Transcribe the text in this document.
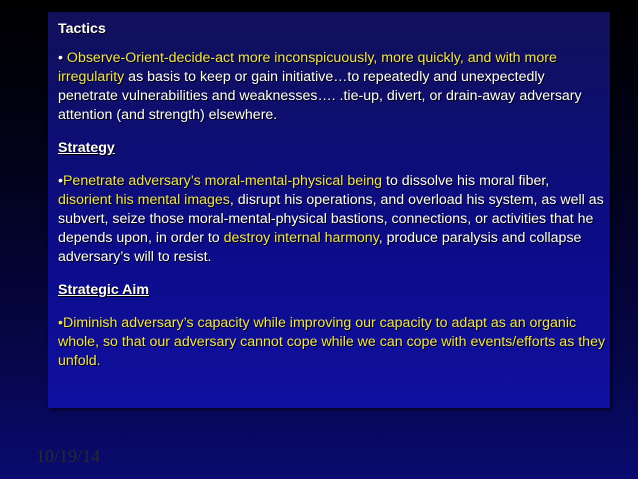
Tactics

• Observe-Orient-decide-act more inconspicuously, more quickly, and with more irregularity as basis to keep or gain initiative…to repeatedly and unexpectedly penetrate vulnerabilities and weaknesses…. .tie-up, divert, or drain-away adversary attention (and strength) elsewhere.

Strategy

•Penetrate adversary’s moral-mental-physical being to dissolve his moral fiber, disorient his mental images, disrupt his operations, and overload his system, as well as subvert, seize those moral-mental-physical bastions, connections, or activities that he depends upon, in order to destroy internal harmony, produce paralysis and collapse adversary’s will to resist.

Strategic Aim

•Diminish adversary’s capacity while improving our capacity to adapt as an organic whole, so that our adversary cannot cope while we can cope with events/efforts as they unfold.

10/19/14
